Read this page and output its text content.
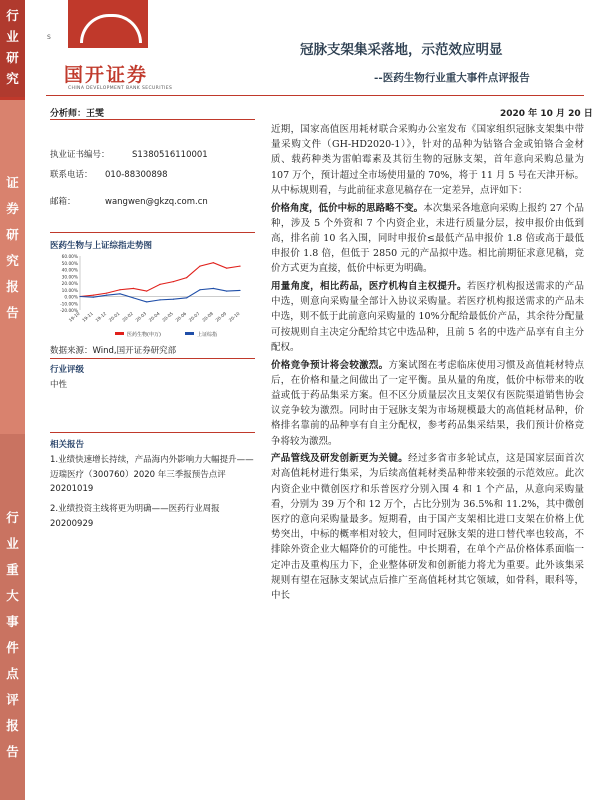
行
业
研
究
证
券
研
究
报
告
行
业
重
大
事
件
点
评
报
告
S
国开证券
CHINA DEVELOPMENT BANK SECURITIES
冠脉支架集采落地，示范效应明显
--医药生物行业重大事件点评报告
2020 年 10 月 20 日
分析师：王雯
执业证书编号：	S1380516110001
联系电话： 010-88300898
邮箱：	wangwen@gkzq.com.cn
医药生物与上证综指走势图
60.00%
50.00%
40.00%
30.00%
20.00%
10.00%
0.00%
-10.00%
-20.00%
19-10 19-11 19-12 20-01 20-02 20-03 20-04 20-05 20-06 20-07 20-08 20-09 20-10
医药生物(申万)	上证综指
数据来源：Wind,国开证券研究部
行业评级
中性
相关报告
1.业绩快速增长持续，产品海内外影响力大幅提升——迈瑞医疗（300760）2020 年三季报预告点评 20201019
2.业绩投资主线将更为明确——医药行业周报 20200929

近期，国家高值医用耗材联合采购办公室发布《国家组织冠脉支架集中带量采购文件（GH-HD2020-1）》，针对的品种为钴铬合金或铂铬合金材质、载药种类为雷帕霉素及其衍生物的冠脉支架，首年意向采购总量为 107 万个，预计超过全市场使用量的 70%，将于 11 月 5 号在天津开标。从中标规则看，与此前征求意见稿存在一定差异，点评如下：

价格角度，低价中标的思路略不变。本次集采各地意向采购上报约 27 个品种，涉及 5 个外资和 7 个内资企业，未进行质量分层，按申报价由低到高，排名前 10 名入围，同时申报价≤最低产品申报价 1.8 倍或高于最低申报价 1.8 倍，但低于 2850 元的产品拟中选。相比前期征求意见稿，竞价方式更为直接，低价中标更为明确。

用量角度，相比药品，医疗机构自主权提升。若医疗机构报送需求的产品中选，则意向采购量全部计入协议采购量。若医疗机构报送需求的产品未中选，则不低于此前意向采购量的 10%分配给最低价产品，其余待分配量可按规则自主决定分配给其它中选品种，且前 5 名的中选产品享有自主分配权。

价格竞争预计将会较激烈。方案试图在考虑临床使用习惯及高值耗材特点后，在价格和量之间做出了一定平衡。虽从量的角度，低价中标带来的收益或低于药品集采方案。但不区分质量层次且支架仅有医院渠道销售协会议竞争较为激烈。同时由于冠脉支架为市场规模最大的高值耗材品种，价格排名靠前的品种享有自主分配权，参考药品集采结果，我们预计价格竞争将较为激烈。

产品管线及研发创新更为关键。经过多省市多轮试点，这是国家层面首次对高值耗材进行集采，为后续高值耗材类品种带来较强的示范效应。此次内资企业中微创医疗和乐普医疗分别入围 4 和 1 个产品，从意向采购量看，分别为 39 万个和 12 万个，占比分别为 36.5%和 11.2%，其中微创医疗的意向采购量最多。短期看，由于国产支架相比进口支架在价格上优势突出，中标的概率相对较大，但同时冠脉支架的进口替代率也较高，不排除外资企业大幅降价的可能性。中长期看，在单个产品价格体系面临一定冲击及重构压力下，企业整体研发和创新能力将尤为重要。此外该集采规则有望在冠脉支架试点后推广至高值耗材其它领域，如骨科，眼科等，中长
